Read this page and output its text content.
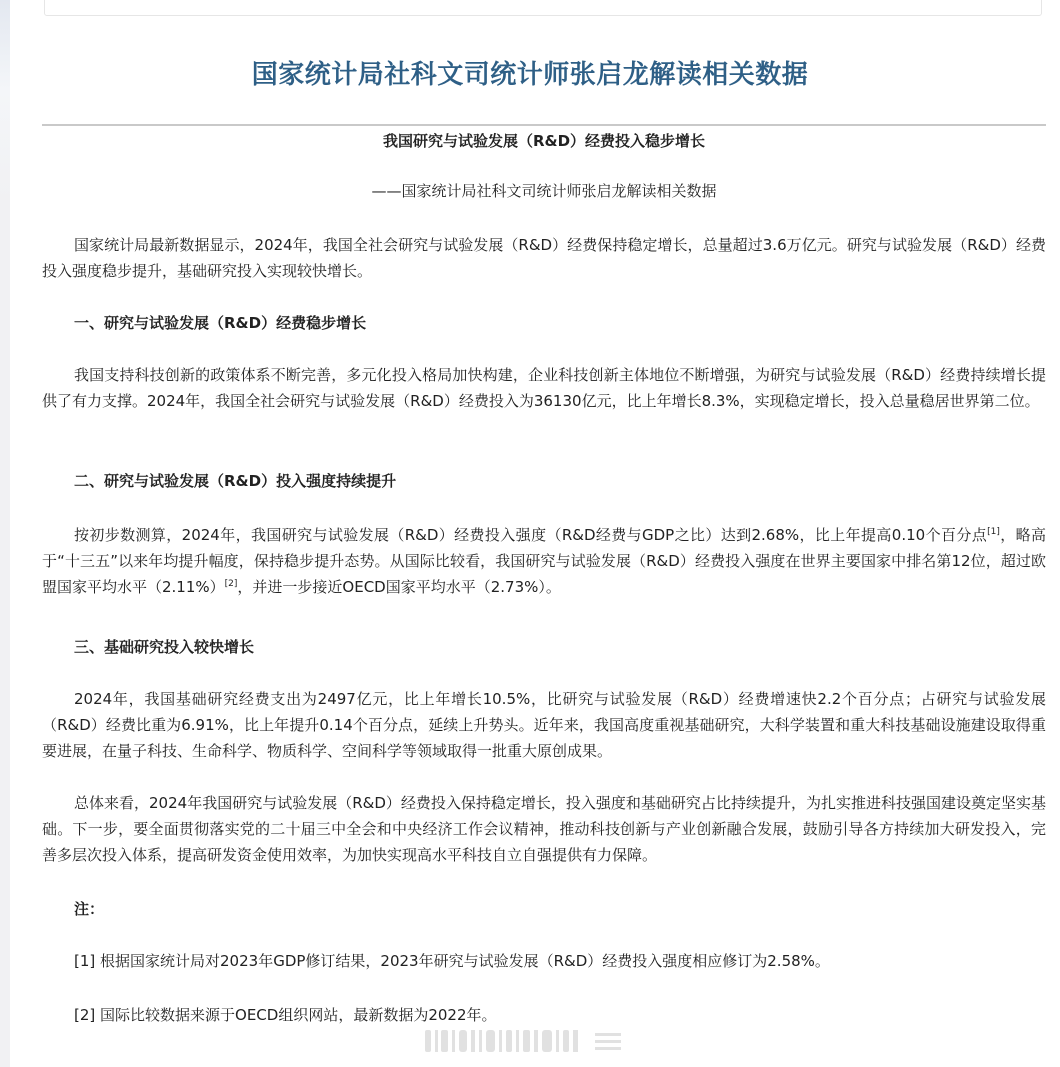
国家统计局社科文司统计师张启龙解读相关数据

我国研究与试验发展（R&D）经费投入稳步增长

——国家统计局社科文司统计师张启龙解读相关数据

国家统计局最新数据显示，2024年，我国全社会研究与试验发展（R&D）经费保持稳定增长，总量超过3.6万亿元。研究与试验发展（R&D）经费投入强度稳步提升，基础研究投入实现较快增长。

一、研究与试验发展（R&D）经费稳步增长

我国支持科技创新的政策体系不断完善，多元化投入格局加快构建，企业科技创新主体地位不断增强，为研究与试验发展（R&D）经费持续增长提供了有力支撑。2024年，我国全社会研究与试验发展（R&D）经费投入为36130亿元，比上年增长8.3%，实现稳定增长，投入总量稳居世界第二位。

二、研究与试验发展（R&D）投入强度持续提升

按初步数测算，2024年，我国研究与试验发展（R&D）经费投入强度（R&D经费与GDP之比）达到2.68%，比上年提高0.10个百分点[1]，略高于“十三五”以来年均提升幅度，保持稳步提升态势。从国际比较看，我国研究与试验发展（R&D）经费投入强度在世界主要国家中排名第12位，超过欧盟国家平均水平（2.11%）[2]，并进一步接近OECD国家平均水平（2.73%）。

三、基础研究投入较快增长

2024年，我国基础研究经费支出为2497亿元，比上年增长10.5%，比研究与试验发展（R&D）经费增速快2.2个百分点；占研究与试验发展（R&D）经费比重为6.91%，比上年提升0.14个百分点，延续上升势头。近年来，我国高度重视基础研究，大科学装置和重大科技基础设施建设取得重要进展，在量子科技、生命科学、物质科学、空间科学等领域取得一批重大原创成果。

总体来看，2024年我国研究与试验发展（R&D）经费投入保持稳定增长，投入强度和基础研究占比持续提升，为扎实推进科技强国建设奠定坚实基础。下一步，要全面贯彻落实党的二十届三中全会和中央经济工作会议精神，推动科技创新与产业创新融合发展，鼓励引导各方持续加大研发投入，完善多层次投入体系，提高研发资金使用效率，为加快实现高水平科技自立自强提供有力保障。

注：

[1] 根据国家统计局对2023年GDP修订结果，2023年研究与试验发展（R&D）经费投入强度相应修订为2.58%。

[2] 国际比较数据来源于OECD组织网站，最新数据为2022年。
